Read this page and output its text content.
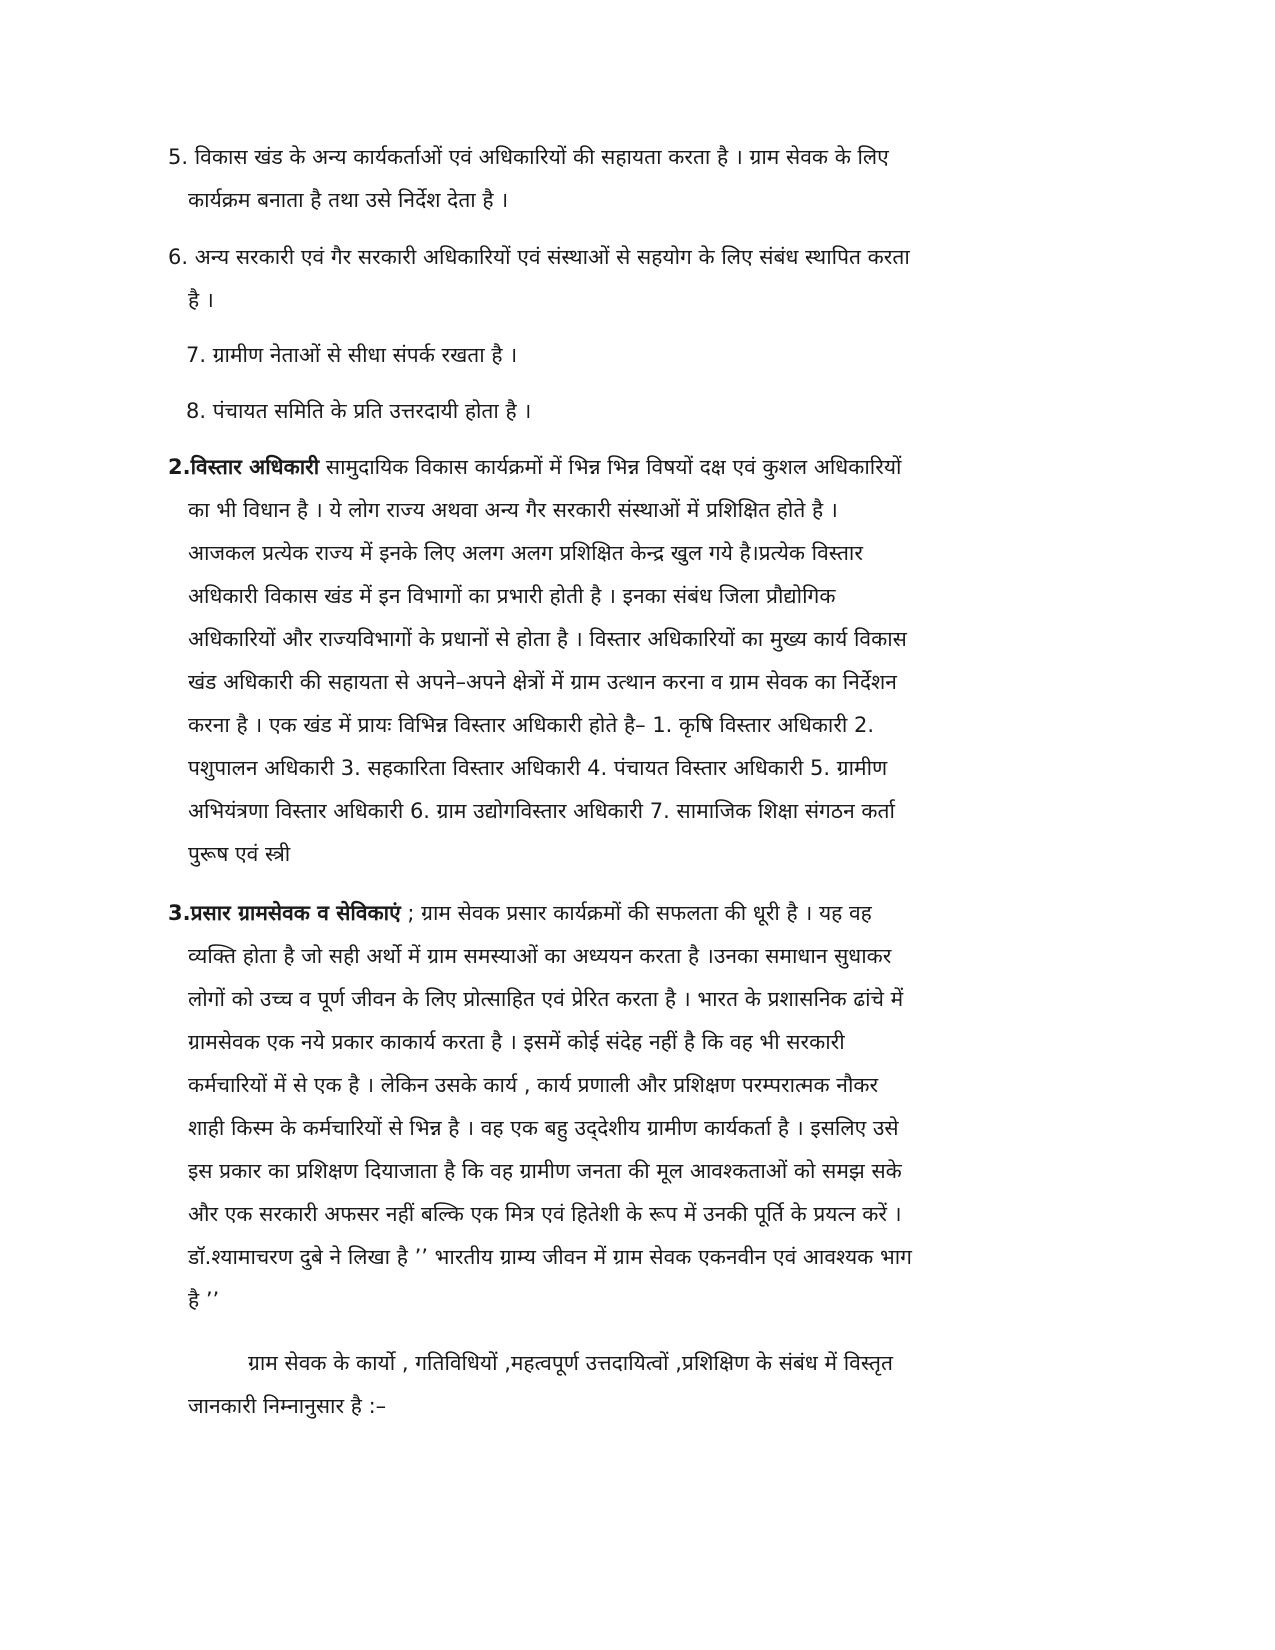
5. विकास खंड के अन्य कार्यकर्ताओं एवं अधिकारियों की सहायता करता है । ग्राम सेवक के लिए
कार्यक्रम बनाता है तथा उसे निर्देश देता है ।
6. अन्य सरकारी एवं गैर सरकारी अधिकारियों एवं संस्थाओं से सहयोग के लिए संबंध स्थापित करता
है ।
7. ग्रामीण नेताओं से सीधा संपर्क रखता है ।
8. पंचायत समिति के प्रति उत्तरदायी होता है ।
2.विस्तार अधिकारी सामुदायिक विकास कार्यक्रमों में भिन्न भिन्न विषयों दक्ष एवं कुशल अधिकारियों
का भी विधान है । ये लोग राज्य अथवा अन्य गैर सरकारी संस्थाओं में प्रशिक्षित होते है ।
आजकल प्रत्येक राज्य में इनके लिए अलग अलग प्रशिक्षित केन्द्र खुल गये है।प्रत्येक विस्तार
अधिकारी विकास खंड में इन विभागों का प्रभारी होती है । इनका संबंध जिला प्रौद्योगिक
अधिकारियों और राज्यविभागों के प्रधानों से होता है । विस्तार अधिकारियों का मुख्य कार्य विकास
खंड अधिकारी की सहायता से अपने–अपने क्षेत्रों में ग्राम उत्थान करना व ग्राम सेवक का निर्देशन
करना है । एक खंड में प्रायः विभिन्न विस्तार अधिकारी होते है– 1. कृषि विस्तार अधिकारी 2.
पशुपालन अधिकारी 3. सहकारिता विस्तार अधिकारी 4. पंचायत विस्तार अधिकारी 5. ग्रामीण
अभियंत्रणा विस्तार अधिकारी 6. ग्राम उद्योगविस्तार अधिकारी 7. सामाजिक शिक्षा संगठन कर्ता
पुरूष एवं स्त्री
3.प्रसार ग्रामसेवक व सेविकाएं ; ग्राम सेवक प्रसार कार्यक्रमों की सफलता की धूरी है । यह वह
व्यक्ति होता है जो सही अर्थो में ग्राम समस्याओं का अध्ययन करता है ।उनका समाधान सुधाकर
लोगों को उच्च व पूर्ण जीवन के लिए प्रोत्साहित एवं प्रेरित करता है । भारत के प्रशासनिक ढांचे में
ग्रामसेवक एक नये प्रकार काकार्य करता है । इसमें कोई संदेह नहीं है कि वह भी सरकारी
कर्मचारियों में से एक है । लेकिन उसके कार्य , कार्य प्रणाली और प्रशिक्षण परम्परात्मक नौकर
शाही किस्म के कर्मचारियों से भिन्न है । वह एक बहु उद्‌देशीय ग्रामीण कार्यकर्ता है । इसलिए उसे
इस प्रकार का प्रशिक्षण दियाजाता है कि वह ग्रामीण जनता की मूल आवश्कताओं को समझ सके
और एक सरकारी अफसर नहीं बल्कि एक मित्र एवं हितेशी के रूप में उनकी पूर्ति के प्रयत्न करें ।
डॉ.श्यामाचरण दुबे ने लिखा है ’’ भारतीय ग्राम्य जीवन में ग्राम सेवक एकनवीन एवं आवश्यक भाग
है ’’
ग्राम सेवक के कार्यो , गतिविधियों ,महत्वपूर्ण उत्तदायित्वों ,प्रशिक्षिण के संबंध में विस्तृत
जानकारी निम्नानुसार है :–
